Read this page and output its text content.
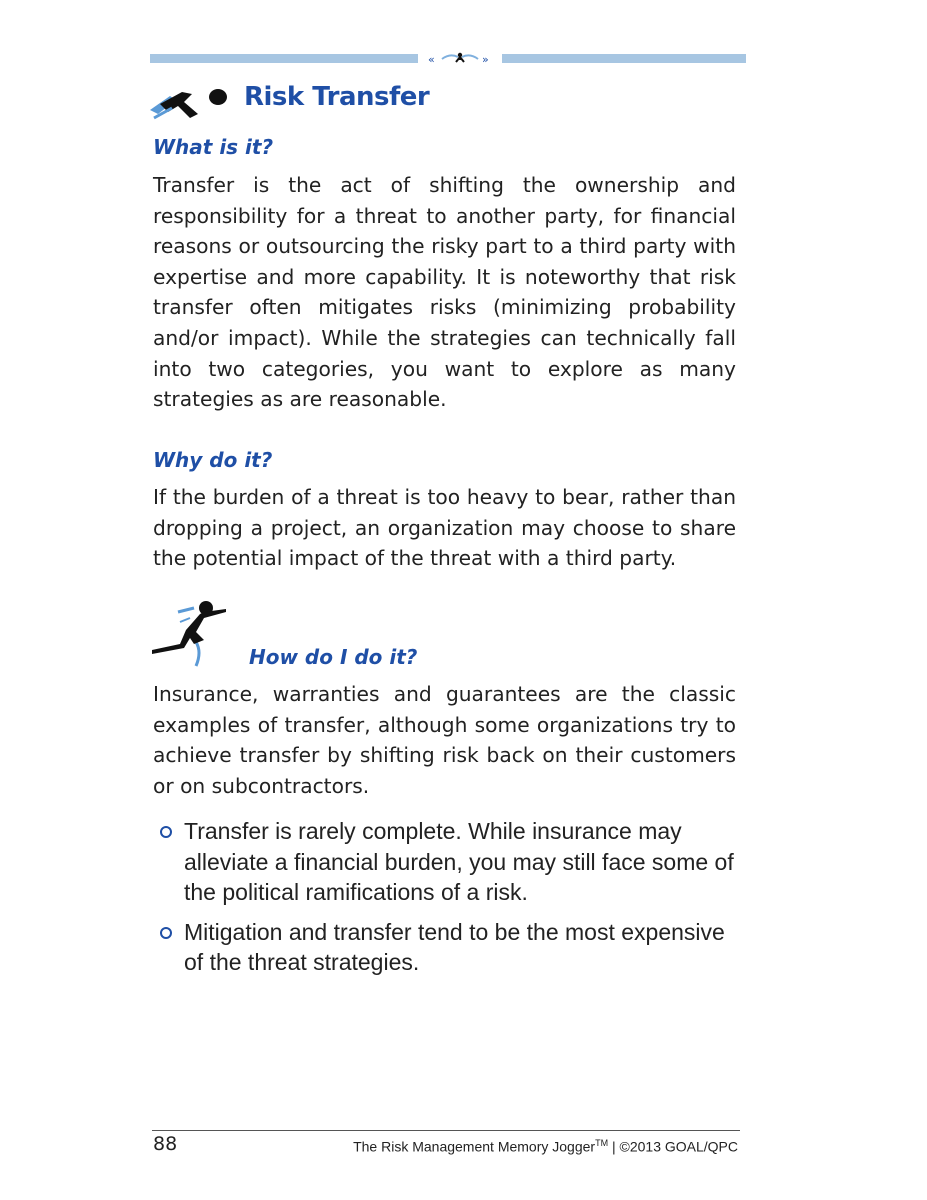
«	»
Risk Transfer
What is it?
Transfer is the act of shifting the ownership and responsibility for a threat to another party, for financial reasons or outsourcing the risky part to a third party with expertise and more capability. It is noteworthy that risk transfer often mitigates risks (minimizing probability and/or impact). While the strategies can technically fall into two categories, you want to explore as many strategies as are reasonable.
Why do it?
If the burden of a threat is too heavy to bear, rather than dropping a project, an organization may choose to share the potential impact of the threat with a third party.
How do I do it?
Insurance, warranties and guarantees are the classic examples of transfer, although some organizations try to achieve transfer by shifting risk back on their customers or on subcontractors.
Transfer is rarely complete. While insurance may alleviate a financial burden, you may still face some of the political ramifications of a risk.
Mitigation and transfer tend to be the most expensive of the threat strategies.
88	The Risk Management Memory Jogger™ | ©2013 GOAL/QPC
